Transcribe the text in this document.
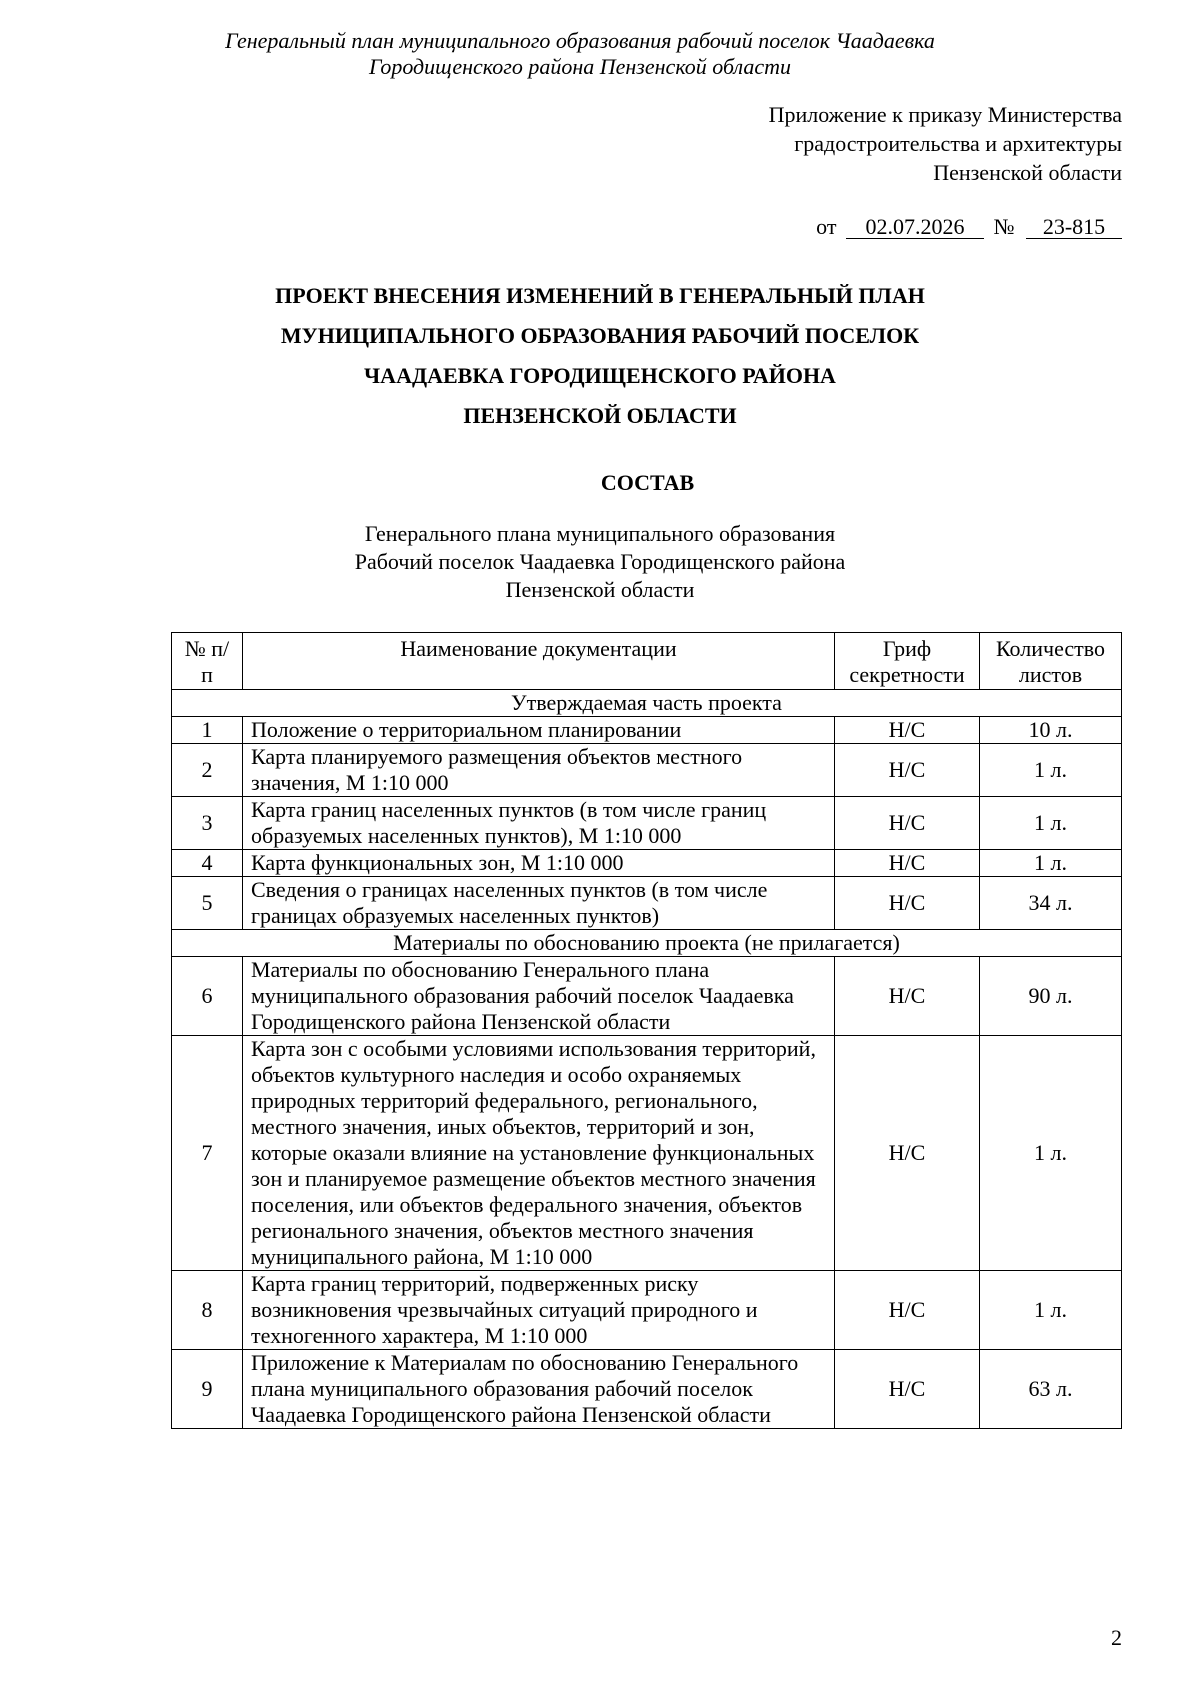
Генеральный план муниципального образования рабочий поселок Чаадаевка
Городищенского района Пензенской области
Приложение к приказу Министерства
градостроительства и архитектуры
Пензенской области
от 02.07.2026 № 23-815
ПРОЕКТ ВНЕСЕНИЯ ИЗМЕНЕНИЙ В ГЕНЕРАЛЬНЫЙ ПЛАН
МУНИЦИПАЛЬНОГО ОБРАЗОВАНИЯ РАБОЧИЙ ПОСЕЛОК
ЧААДАЕВКА ГОРОДИЩЕНСКОГО РАЙОНА
ПЕНЗЕНСКОЙ ОБЛАСТИ
СОСТАВ
Генерального плана муниципального образования
Рабочий поселок Чаадаевка Городищенского района
Пензенской области
№ п/п	Наименование документации	Гриф секретности	Количество листов
Утверждаемая часть проекта			
1	Положение о территориальном планировании	Н/С	10 л.
2	Карта планируемого размещения объектов местного значения, М 1:10 000	Н/С	1 л.
3	Карта границ населенных пунктов (в том числе границ образуемых населенных пунктов), М 1:10 000	Н/С	1 л.
4	Карта функциональных зон, М 1:10 000	Н/С	1 л.
5	Сведения о границах населенных пунктов (в том числе границах образуемых населенных пунктов)	Н/С	34 л.
Материалы по обоснованию проекта (не прилагается)			
6	Материалы по обоснованию Генерального плана муниципального образования рабочий поселок Чаадаевка Городищенского района Пензенской области	Н/С	90 л.
7	Карта зон с особыми условиями использования территорий, объектов культурного наследия и особо охраняемых природных территорий федерального, регионального, местного значения, иных объектов, территорий и зон, которые оказали влияние на установление функциональных зон и планируемое размещение объектов местного значения поселения, или объектов федерального значения, объектов регионального значения, объектов местного значения муниципального района, М 1:10 000	Н/С	1 л.
8	Карта границ территорий, подверженных риску возникновения чрезвычайных ситуаций природного и техногенного характера, М 1:10 000	Н/С	1 л.
9	Приложение к Материалам по обоснованию Генерального плана муниципального образования рабочий поселок Чаадаевка Городищенского района Пензенской области	Н/С	63 л.
2
